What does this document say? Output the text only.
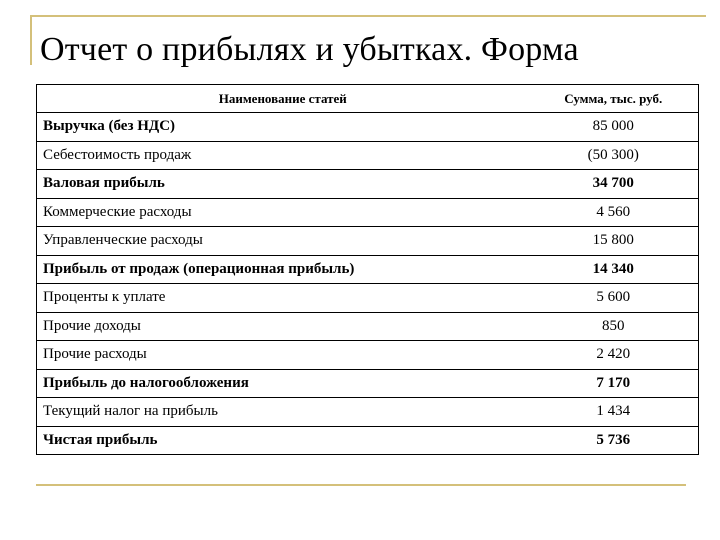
Отчет о прибылях и убытках. Форма
Наименование статей	Сумма, тыс. руб.
Выручка (без НДС)	85 000
Себестоимость продаж	(50 300)
Валовая прибыль	34 700
Коммерческие расходы	4 560
Управленческие расходы	15 800
Прибыль от продаж (операционная прибыль)	14 340
Проценты к уплате	5 600
Прочие доходы	850
Прочие расходы	2 420
Прибыль до налогообложения	7 170
Текущий налог на прибыль	1 434
Чистая прибыль	5 736
